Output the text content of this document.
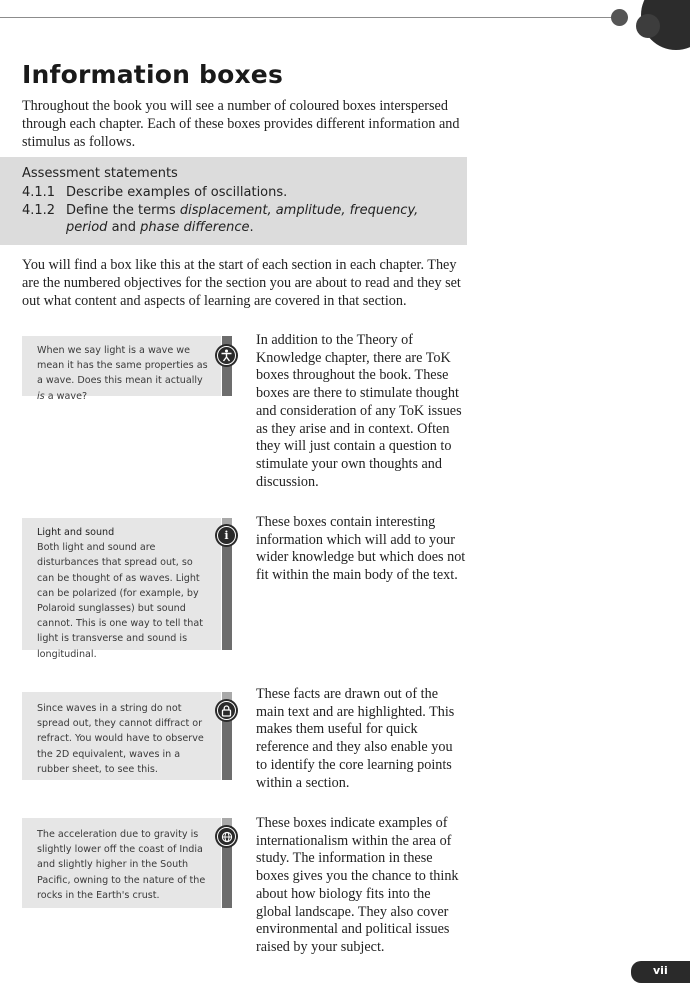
Information boxes

Throughout the book you will see a number of coloured boxes interspersed through each chapter. Each of these boxes provides different information and stimulus as follows.

Assessment statements
4.1.1 Describe examples of oscillations.
4.1.2 Define the terms displacement, amplitude, frequency, period and phase difference.

You will find a box like this at the start of each section in each chapter. They are the numbered objectives for the section you are about to read and they set out what content and aspects of learning are covered in that section.

When we say light is a wave we mean it has the same properties as a wave. Does this mean it actually is a wave?

In addition to the Theory of Knowledge chapter, there are ToK boxes throughout the book. These boxes are there to stimulate thought and consideration of any ToK issues as they arise and in context. Often they will just contain a question to stimulate your own thoughts and discussion.

Light and sound
Both light and sound are disturbances that spread out, so can be thought of as waves. Light can be polarized (for example, by Polaroid sunglasses) but sound cannot. This is one way to tell that light is transverse and sound is longitudinal.
i

These boxes contain interesting information which will add to your wider knowledge but which does not fit within the main body of the text.

Since waves in a string do not spread out, they cannot diffract or refract. You would have to observe the 2D equivalent, waves in a rubber sheet, to see this.

These facts are drawn out of the main text and are highlighted. This makes them useful for quick reference and they also enable you to identify the core learning points within a section.

The acceleration due to gravity is slightly lower off the coast of India and slightly higher in the South Pacific, owning to the nature of the rocks in the Earth's crust.

These boxes indicate examples of internationalism within the area of study. The information in these boxes gives you the chance to think about how biology fits into the global landscape. They also cover environmental and political issues raised by your subject.

vii
